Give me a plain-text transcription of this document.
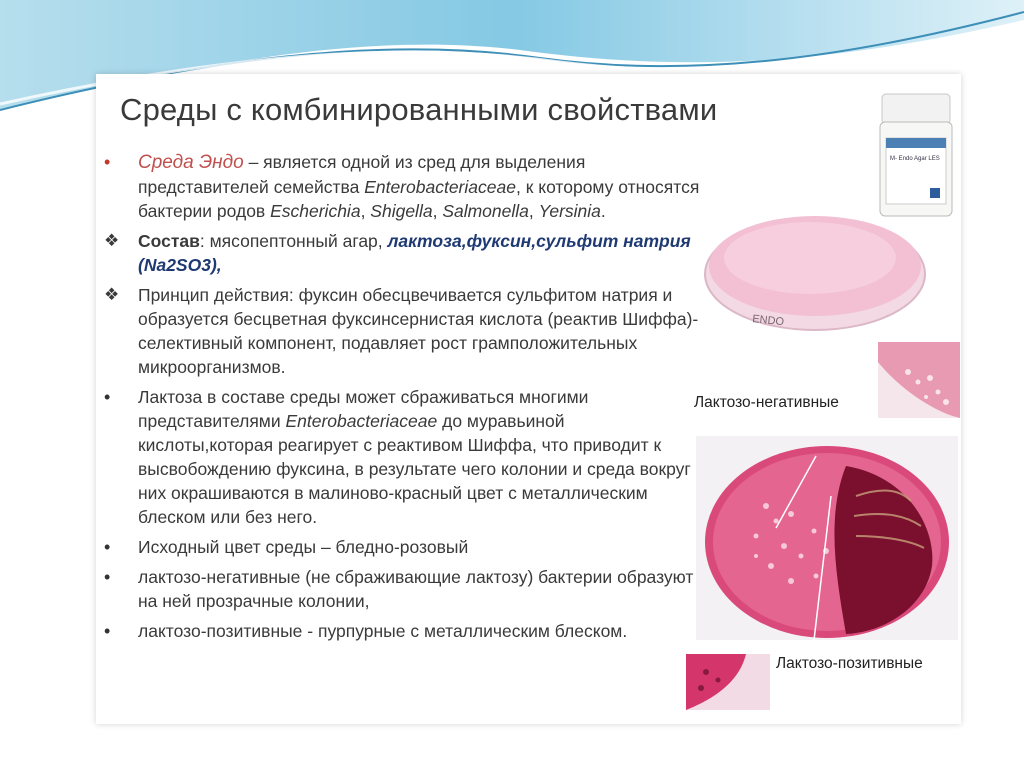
Среды с комбинированными свойствами
•	Среда Эндо – является одной из сред для выделения представителей семейства Enterobacteriaceae, к которому относятся бактерии родов Escherichia, Shigella, Salmonella, Yersinia.
❖	Состав: мясопептонный агар, лактоза,фуксин,сульфит натрия (Na2SO3),
❖	Принцип действия: фуксин обесцвечивается сульфитом натрия и образуется бесцветная фуксинсернистая кислота (реактив Шиффа)- селективный компонент, подавляет рост грамположительных микроорганизмов.
•	Лактоза в составе среды может сбраживаться многими представителями Enterobacteriaceae до муравьиной кислоты,которая реагирует с реактивом Шиффа, что приводит к высвобождению фуксина, в результате чего колонии и среда вокруг них окрашиваются в малиново-красный цвет с металлическим блеском или без него.
•	Исходный цвет среды – бледно-розовый
•	лактозо-негативные (не сбраживающие лактозу) бактерии образуют на ней прозрачные колонии,
•	лактозо-позитивные - пурпурные с металлическим блеском.
M- Endo Agar LES
ENDO
Лактозо-негативные
Лактозо-позитивные
